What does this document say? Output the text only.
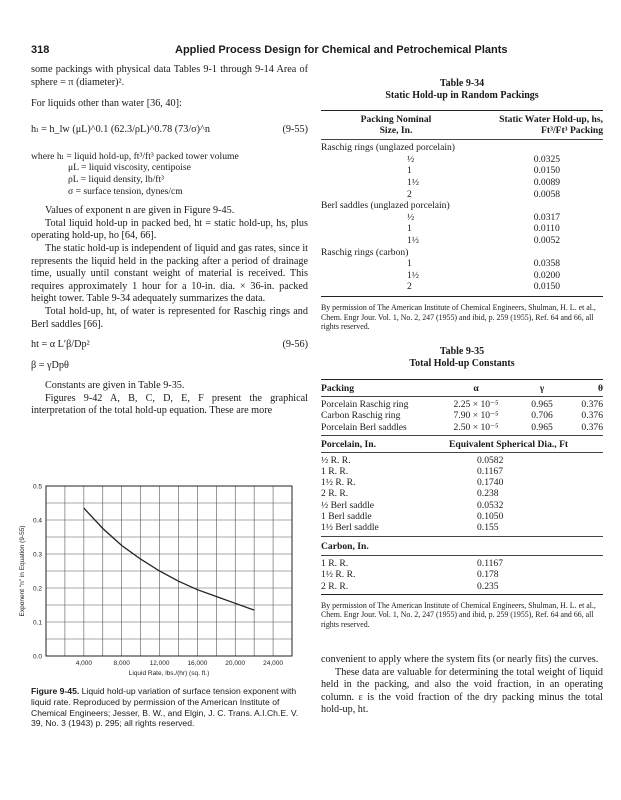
318	Applied Process Design for Chemical and Petrochemical Plants

some packings with physical data Tables 9-1 through 9-14 Area of sphere = π (diameter)².

For liquids other than water [36, 40]:

hₗ = h_lw (μL)^0.1 (62.3/ρL)^0.78 (73/σ)^n	(9-55)
where hₗ = liquid hold-up, ft³/ft³ packed tower volume
μL = liquid viscosity, centipoise
ρL = liquid density, lb/ft³
σ = surface tension, dynes/cm

Values of exponent n are given in Figure 9-45.

Total liquid hold-up in packed bed, ht = static hold-up, hs, plus operating hold-up, ho [64, 66].

The static hold-up is independent of liquid and gas rates, since it represents the liquid held in the packing after a period of drainage time, usually until constant weight of material is received. This requires approximately 1 hour for a 10-in. dia. × 36-in. packed height tower. Table 9-34 adequately summarizes the data.

Total hold-up, ht, of water is represented for Raschig rings and Berl saddles [66].

ht = α L′β/Dp²	(9-56)
β = γDpθ

Constants are given in Table 9-35.

Figures 9-42 A, B, C, D, E, F present the graphical interpretation of the total hold-up equation. These are more

4,000	8,000	12,000	16,000	20,000	24,000
0.0
0.1
0.2
0.3
0.4
0.5
Liquid Rate, lbs./(hr) (sq. ft.)
Exponent "n" in Equation (9-55)
Figure 9-45. Liquid hold-up variation of surface tension exponent with liquid rate. Reproduced by permission of the American Institute of Chemical Engineers; Jesser, B. W., and Elgin, J. C. Trans. A.I.Ch.E. V. 39, No. 3 (1943) p. 295; all rights reserved.
Table 9-34
Static Hold-up in Random Packings
Packing Nominal
Size, In.
Static Water Hold-up, hs,
Ft³/Ft³ Packing
Raschig rings (unglazed porcelain)	
½	0.0325
1	0.0150
1½	0.0089
2	0.0058
Berl saddles (unglazed porcelain)	
½	0.0317
1	0.0110
1½	0.0052
Raschig rings (carbon)	
1	0.0358
1½	0.0200
2	0.0150
By permission of The American Institute of Chemical Engineers, Shulman, H. L. et al., Chem. Engr Jour. Vol. 1, No. 2, 247 (1955) and ibid, p. 259 (1955), Ref. 64 and 66, all rights reserved.
Table 9-35
Total Hold-up Constants
Packing	α	γ	θ
Porcelain Raschig ring	2.25 × 10⁻⁵	0.965	0.376
Carbon Raschig ring	7.90 × 10⁻⁵	0.706	0.376
Porcelain Berl saddles	2.50 × 10⁻⁵	0.965	0.376
Porcelain, In.	Equivalent Spherical Dia., Ft
½ R. R.	0.0582
1 R. R.	0.1167
1½ R. R.	0.1740
2 R. R.	0.238
½ Berl saddle	0.0532
1 Berl saddle	0.1050
1½ Berl saddle	0.155
Carbon, In.
1 R. R.	0.1167
1½ R. R.	0.178
2 R. R.	0.235
By permission of The American Institute of Chemical Engineers, Shulman, H. L. et al., Chem. Engr Jour. Vol. 1, No. 2, 247 (1955) and ibid, p. 259 (1955), Ref. 64 and 66, all rights reserved.

convenient to apply where the system fits (or nearly fits) the curves.

These data are valuable for determining the total weight of liquid held in the packing, and also the void fraction, in an operating column. ε is the void fraction of the dry packing minus the total hold-up, ht.
